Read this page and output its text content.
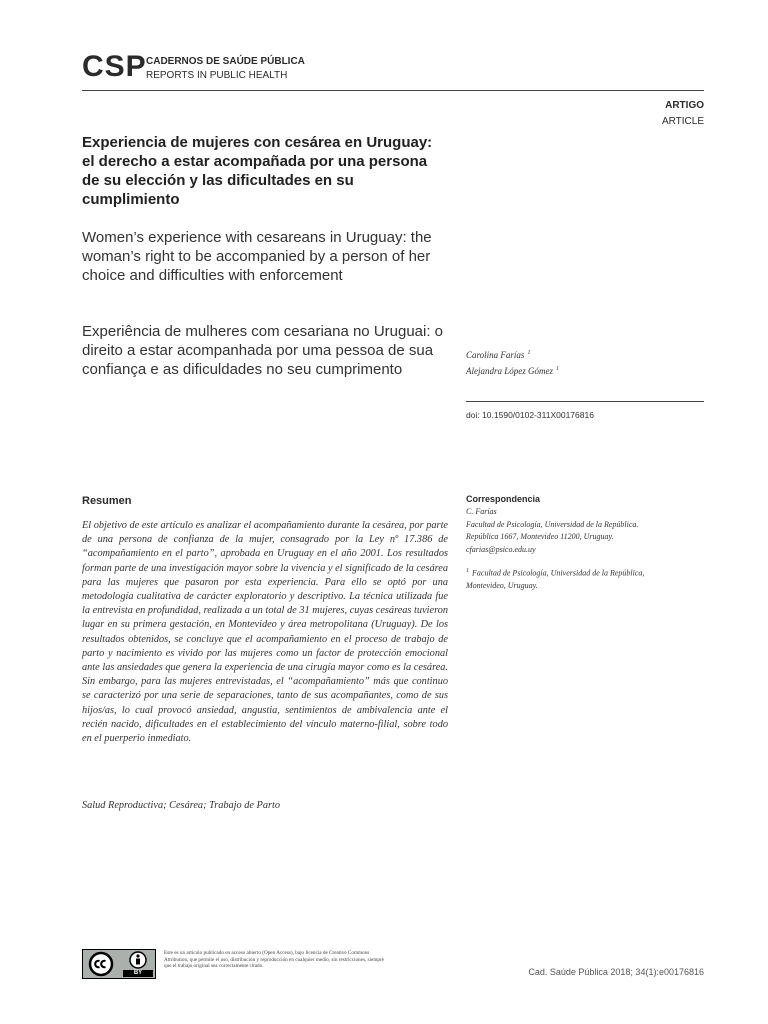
CSP CADERNOS DE SAÚDE PÚBLICA
REPORTS IN PUBLIC HEALTH
ARTIGO
ARTICLE
Experiencia de mujeres con cesárea en Uruguay: el derecho a estar acompañada por una persona de su elección y las dificultades en su cumplimiento
Women’s experience with cesareans in Uruguay: the woman’s right to be accompanied by a person of her choice and difficulties with enforcement
Experiência de mulheres com cesariana no Uruguai: o direito a estar acompanhada por uma pessoa de sua confiança e as dificuldades no seu cumprimento
Carolina Farías $^1$
Alejandra López Gómez $^1$
doi: 10.1590/0102-311X00176816
Resumen
El objetivo de este artículo es analizar el acompañamiento durante la cesárea, por parte de una persona de confianza de la mujer, consagrado por la Ley nº 17.386 de “acompañamiento en el parto”, aprobada en Uruguay en el año 2001. Los resultados forman parte de una investigación mayor sobre la vivencia y el significado de la cesárea para las mujeres que pasaron por esta experiencia. Para ello se optó por una metodología cualitativa de carácter exploratorio y descriptivo. La técnica utilizada fue la entrevista en profundidad, realizada a un total de 31 mujeres, cuyas cesáreas tuvieron lugar en su primera gestación, en Montevideo y área metropolitana (Uruguay). De los resultados obtenidos, se concluye que el acompañamiento en el proceso de trabajo de parto y nacimiento es vivido por las mujeres como un factor de protección emocional ante las ansiedades que genera la experiencia de una cirugía mayor como es la cesárea. Sin embargo, para las mujeres entrevistadas, el “acompañamiento” más que continuo se caracterizó por una serie de separaciones, tanto de sus acompañantes, como de sus hijos/as, lo cual provocó ansiedad, angustia, sentimientos de ambivalencia ante el recién nacido, dificultades en el establecimiento del vínculo materno-filial, sobre todo en el puerperio inmediato.
Salud Reproductiva; Cesárea; Trabajo de Parto
Correspondencia
C. Farías
Facultad de Psicología, Universidad de la República.
República 1667, Montevideo 11200, Uruguay.
cfarias@psico.edu.uy
$^1$ Facultad de Psicología, Universidad de la República,
Montevideo, Uruguay.
BY
Este es un artículo publicado en acceso abierto (Open Access), bajo licencia de Creative Commons Attribution, que permite el uso, distribución y reproducción en cualquier medio, sin restricciones, siempre que el trabajo original sea correctamente citado.
Cad. Saúde Pública 2018; 34(1):e00176816
